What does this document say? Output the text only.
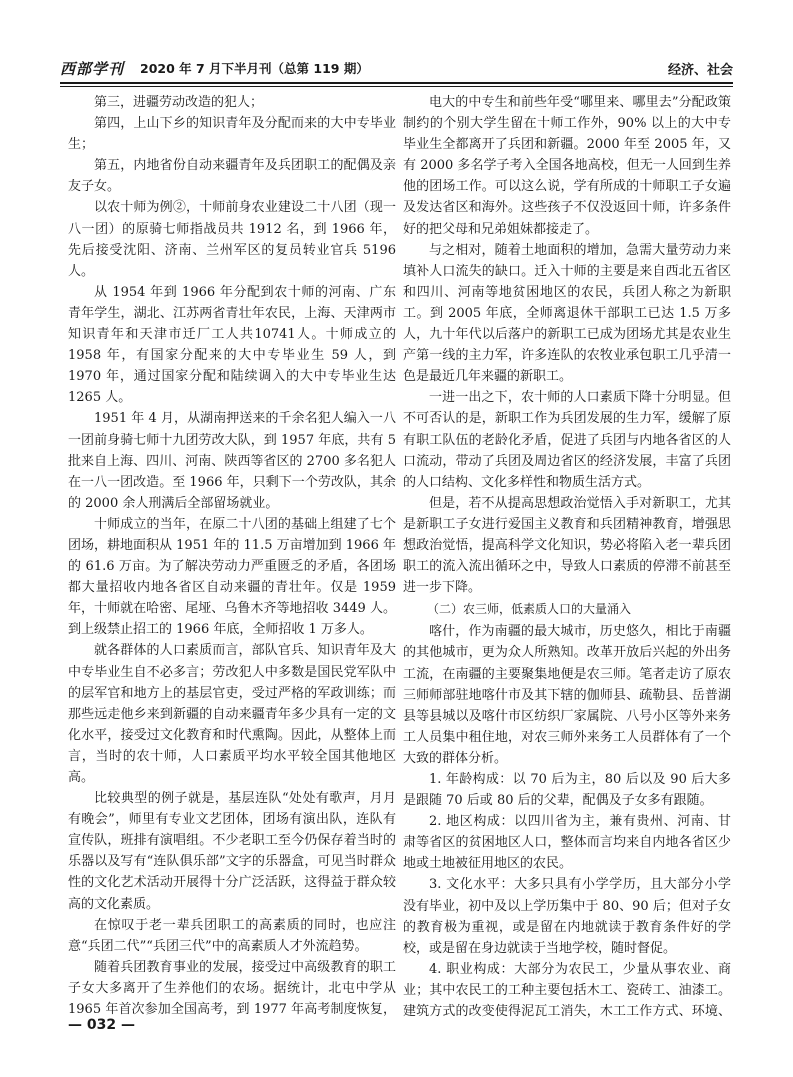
西部学刊 2020 年 7 月下半月刊（总第 119 期）	经济、社会

第三，进疆劳动改造的犯人；

第四，上山下乡的知识青年及分配而来的大中专毕业生；

第五，内地省份自动来疆青年及兵团职工的配偶及亲友子女。

以农十师为例②，十师前身农业建设二十八团（现一八一团）的原骑七师指战员共 1912 名，到 1966 年，先后接受沈阳、济南、兰州军区的复员转业官兵 5196 人。

从 1954 年到 1966 年分配到农十师的河南、广东青年学生，湖北、江苏两省青壮年农民，上海、天津两市知识青年和天津市迁厂工人共10741人。十师成立的1958 年，有国家分配来的大中专毕业生 59 人，到 1970 年，通过国家分配和陆续调入的大中专毕业生达 1265 人。

1951 年 4 月，从湖南押送来的千余名犯人编入一八一团前身骑七师十九团劳改大队，到 1957 年底，共有 5 批来自上海、四川、河南、陕西等省区的 2700 多名犯人在一八一团改造。至 1966 年，只剩下一个劳改队，其余的 2000 余人刑满后全部留场就业。

十师成立的当年，在原二十八团的基础上组建了七个团场，耕地面积从 1951 年的 11.5 万亩增加到 1966 年的 61.6 万亩。为了解决劳动力严重匮乏的矛盾，各团场都大量招收内地各省区自动来疆的青壮年。仅是 1959 年，十师就在哈密、尾垭、乌鲁木齐等地招收 3449 人。到上级禁止招工的 1966 年底，全师招收 1 万多人。

就各群体的人口素质而言，部队官兵、知识青年及大中专毕业生自不必多言；劳改犯人中多数是国民党军队中的层军官和地方上的基层官吏，受过严格的军政训练；而那些远走他乡来到新疆的自动来疆青年多少具有一定的文化水平，接受过文化教育和时代熏陶。因此，从整体上而言，当时的农十师，人口素质平均水平较全国其他地区高。

比较典型的例子就是，基层连队“处处有歌声，月月有晚会”，师里有专业文艺团体，团场有演出队，连队有宣传队，班排有演唱组。不少老职工至今仍保存着当时的乐器以及写有“连队俱乐部”文字的乐器盒，可见当时群众性的文化艺术活动开展得十分广泛活跃，这得益于群众较高的文化素质。

在惊叹于老一辈兵团职工的高素质的同时，也应注意“兵团二代”“兵团三代”中的高素质人才外流趋势。

随着兵团教育事业的发展，接受过中高级教育的职工子女大多离开了生养他们的农场。据统计，北屯中学从 1965 年首次参加全国高考，到 1977 年高考制度恢复，

电大的中专生和前些年受“哪里来、哪里去”分配政策制约的个别大学生留在十师工作外，90% 以上的大中专毕业生全都离开了兵团和新疆。2000 年至 2005 年，又有 2000 多名学子考入全国各地高校，但无一人回到生养他的团场工作。可以这么说，学有所成的十师职工子女遍及发达省区和海外。这些孩子不仅没返回十师，许多条件好的把父母和兄弟姐妹都接走了。

与之相对，随着土地面积的增加，急需大量劳动力来填补人口流失的缺口。迁入十师的主要是来自西北五省区和四川、河南等地贫困地区的农民，兵团人称之为新职工。到 2005 年底，全师离退休干部职工已达 1.5 万多人，九十年代以后落户的新职工已成为团场尤其是农业生产第一线的主力军，许多连队的农牧业承包职工几乎清一色是最近几年来疆的新职工。

一进一出之下，农十师的人口素质下降十分明显。但不可否认的是，新职工作为兵团发展的生力军，缓解了原有职工队伍的老龄化矛盾，促进了兵团与内地各省区的人口流动，带动了兵团及周边省区的经济发展，丰富了兵团的人口结构、文化多样性和物质生活方式。

但是，若不从提高思想政治觉悟入手对新职工，尤其是新职工子女进行爱国主义教育和兵团精神教育，增强思想政治觉悟，提高科学文化知识，势必将陷入老一辈兵团职工的流入流出循环之中，导致人口素质的停滞不前甚至进一步下降。

（二）农三师，低素质人口的大量涌入

喀什，作为南疆的最大城市，历史悠久，相比于南疆的其他城市，更为众人所熟知。改革开放后兴起的外出务工流，在南疆的主要聚集地便是农三师。笔者走访了原农三师师部驻地喀什市及其下辖的伽师县、疏勒县、岳普湖县等县城以及喀什市区纺织厂家属院、八号小区等外来务工人员集中租住地，对农三师外来务工人员群体有了一个大致的群体分析。

1. 年龄构成：以 70 后为主，80 后以及 90 后大多是跟随 70 后或 80 后的父辈，配偶及子女多有跟随。

2. 地区构成：以四川省为主，兼有贵州、河南、甘肃等省区的贫困地区人口，整体而言均来自内地各省区少地或土地被征用地区的农民。

3. 文化水平：大多只具有小学学历，且大部分小学没有毕业，初中及以上学历集中于 80、90 后；但对子女的教育极为重视，或是留在内地就读于教育条件好的学校，或是留在身边就读于当地学校，随时督促。

4. 职业构成：大部分为农民工，少量从事农业、商业；其中农民工的工种主要包括木工、瓷砖工、油漆工。建筑方式的改变使得泥瓦工消失，木工工作方式、环境、

— 032 —
